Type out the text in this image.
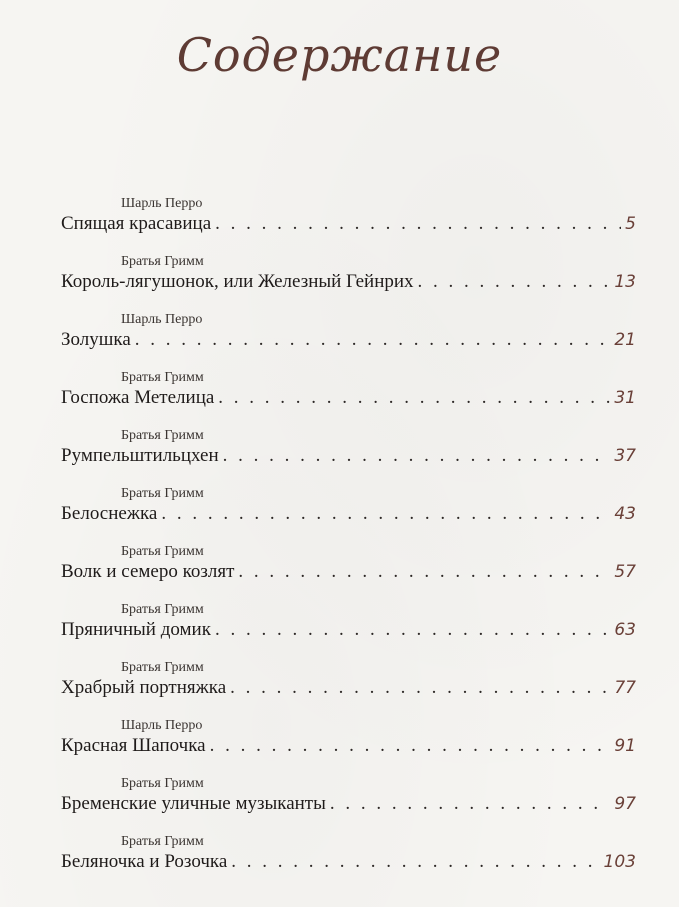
Содержание
Шарль Перро
Спящая красавица . . .	5
Братья Гримм
Король-лягушонок, или Железный Гейнрих . . .	13
Шарль Перро
Золушка . . .	21
Братья Гримм
Госпожа Метелица . . .	31
Братья Гримм
Румпельштильцхен . . .	37
Братья Гримм
Белоснежка . . .	43
Братья Гримм
Волк и семеро козлят . . .	57
Братья Гримм
Пряничный домик . . .	63
Братья Гримм
Храбрый портняжка . . .	77
Шарль Перро
Красная Шапочка . . .	91
Братья Гримм
Бременские уличные музыканты . . .	97
Братья Гримм
Беляночка и Розочка . . .	103
